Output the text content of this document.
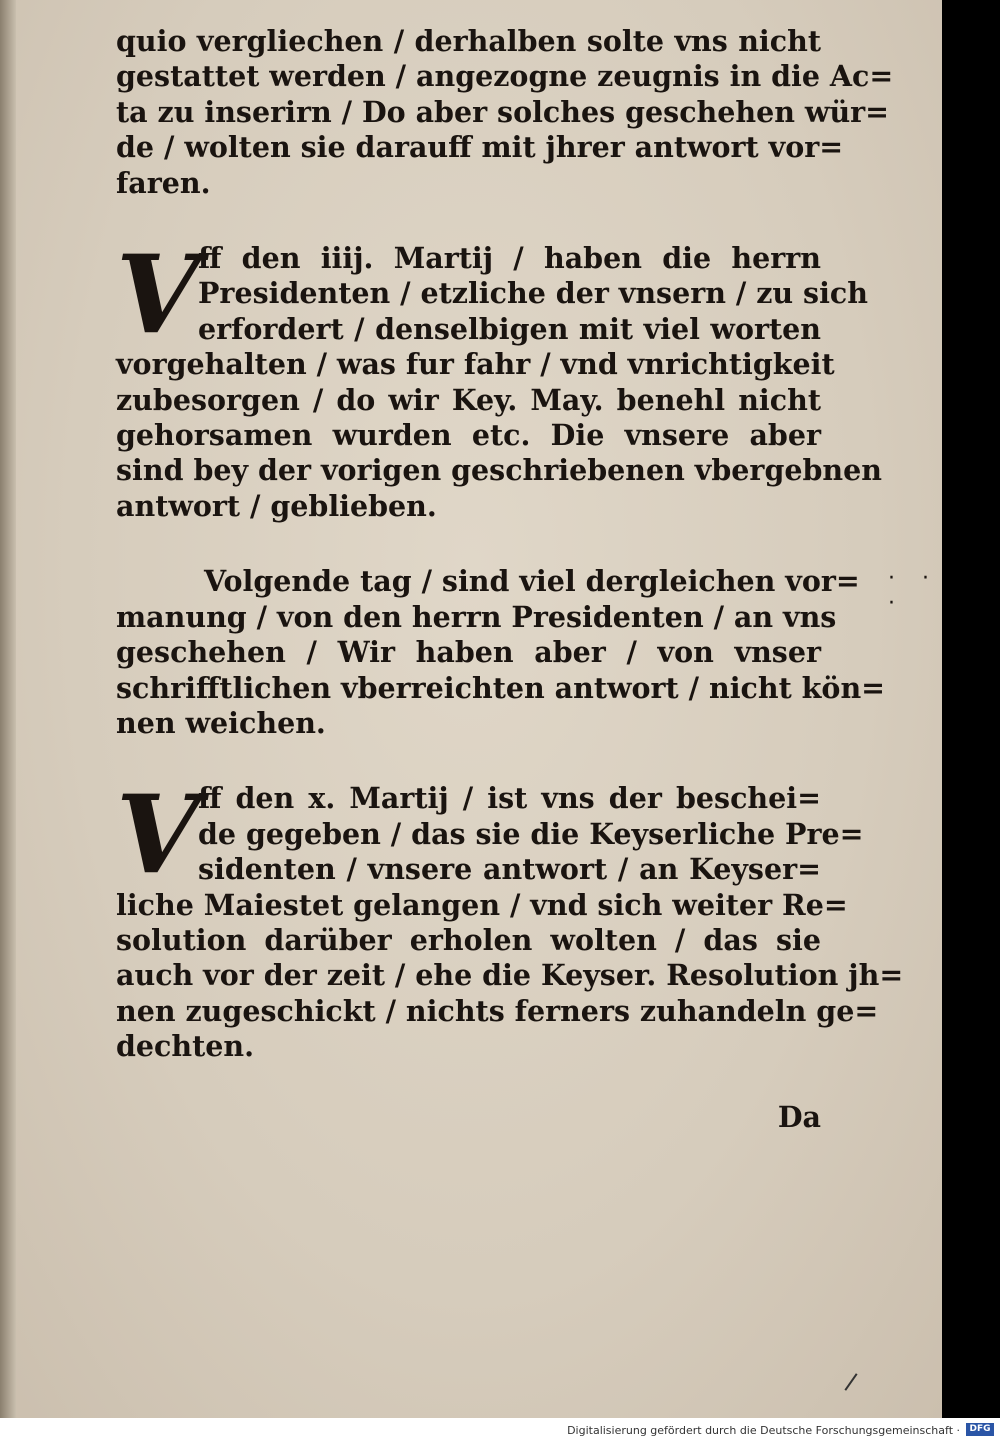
quio vergliechen / derhalben solte vns nicht
gestattet werden / angezogne zeugnis in die Ac=
ta zu inserirn / Do aber solches geschehen wür=
de / wolten sie darauff mit jhrer antwort vor=
faren.
V
ff den iiij. Martij / haben die herrn
Presidenten / etzliche der vnsern / zu sich
erfordert / denselbigen mit viel worten
vorgehalten / was fur fahr / vnd vnrichtigkeit
zubesorgen / do wir Key. May. benehl nicht
gehorsamen wurden etc. Die vnsere aber
sind bey der vorigen geschriebenen vbergebnen
antwort / geblieben.
Volgende tag / sind viel dergleichen vor=
manung / von den herrn Presidenten / an vns
geschehen / Wir haben aber / von vnser
schrifftlichen vberreichten antwort / nicht kön=
nen weichen.
V
ff den x. Martij / ist vns der beschei=
de gegeben / das sie die Keyserliche Pre=
sidenten / vnsere antwort / an Keyser=
liche Maiestet gelangen / vnd sich weiter Re=
solution darüber erholen wolten / das sie
auch vor der zeit / ehe die Keyser. Resolution jh=
nen zugeschickt / nichts ferners zuhandeln ge=
dechten.
Da
· · ·
Digitalisierung gefördert durch die Deutsche Forschungsgemeinschaft ·	DFG
